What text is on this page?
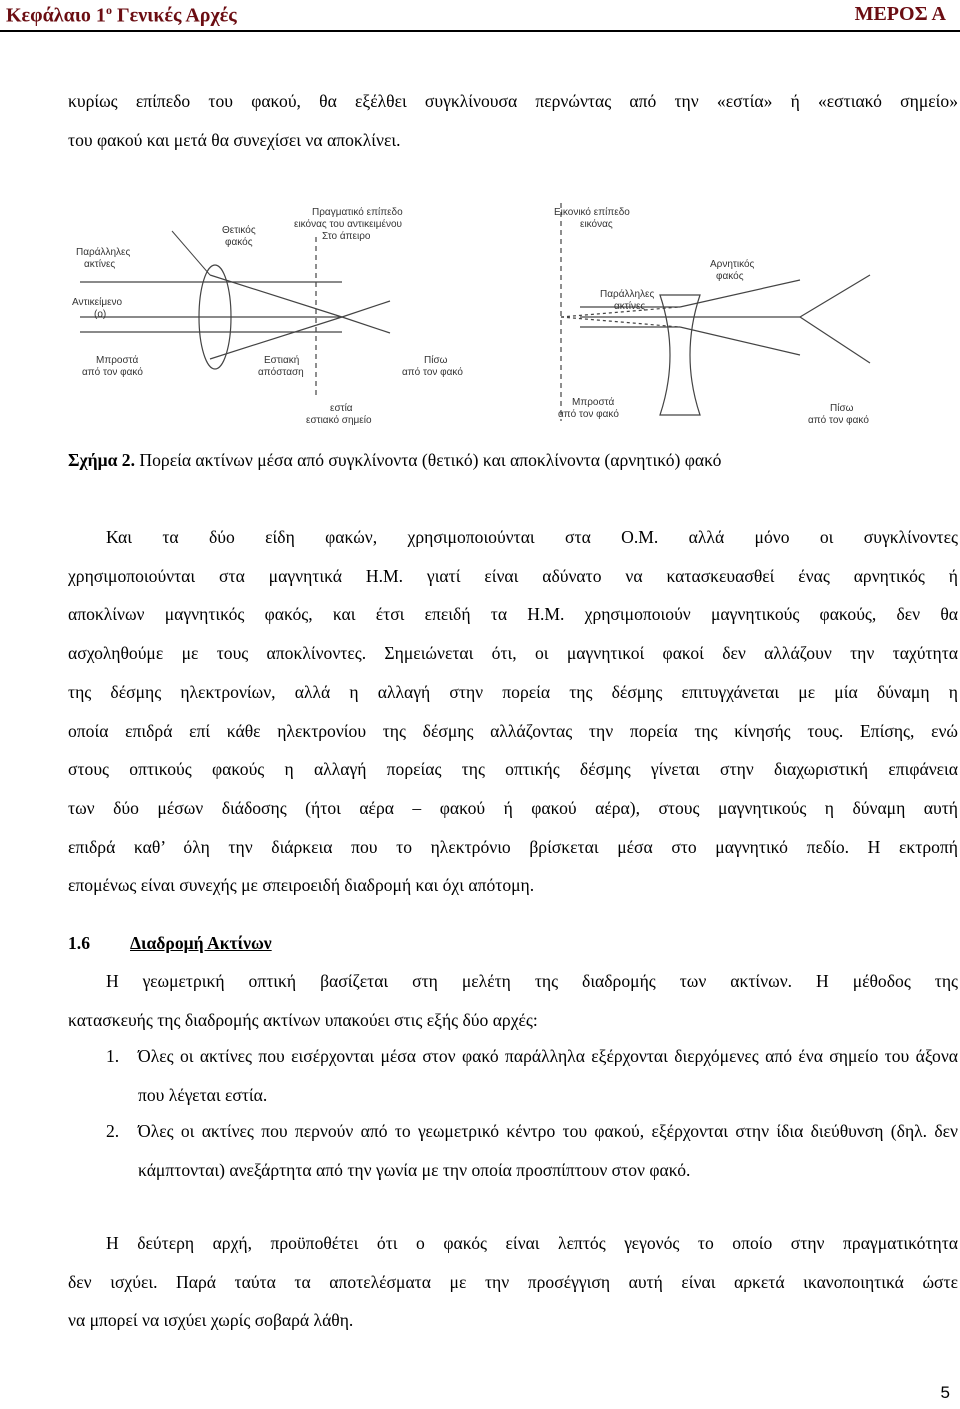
Κεφάλαιο $1^o$ Γενικές Αρχές	ΜΕΡΟΣ Α
κυρίως επίπεδο του φακού, θα εξέλθει συγκλίνουσα περνώντας από την «εστία» ή «εστιακό σημείο»
του φακού και μετά θα συνεχίσει να αποκλίνει.
Παράλληλες
ακτίνες
Θετικός
φακός
Πραγματικό επίπεδο
εικόνας του αντικειμένου
Στο άπειρο
Αντικείμενο
(ο)
Μπροστά
από τον φακό
Εστιακή
απόσταση
Πίσω
από τον φακό
εστία
εστιακό σημείο
Εικονικό επίπεδο
εικόνας
Αρνητικός
φακός
Παράλληλες
ακτίνες
Μπροστά
από τον φακό
Πίσω
από τον φακό
Σχήμα 2. Πορεία ακτίνων μέσα από συγκλίνοντα (θετικό) και αποκλίνοντα (αρνητικό) φακό
Και τα δύο είδη φακών, χρησιμοποιούνται στα Ο.Μ. αλλά μόνο οι συγκλίνοντες
χρησιμοποιούνται στα μαγνητικά Η.Μ. γιατί είναι αδύνατο να κατασκευασθεί ένας αρνητικός ή
αποκλίνων μαγνητικός φακός, και έτσι επειδή τα Η.Μ. χρησιμοποιούν μαγνητικούς φακούς, δεν θα
ασχοληθούμε με τους αποκλίνοντες. Σημειώνεται ότι, οι μαγνητικοί φακοί δεν αλλάζουν την ταχύτητα
της δέσμης ηλεκτρονίων, αλλά η αλλαγή στην πορεία της δέσμης επιτυγχάνεται με μία δύναμη η
οποία επιδρά επί κάθε ηλεκτρονίου της δέσμης αλλάζοντας την πορεία της κίνησής τους. Επίσης, ενώ
στους οπτικούς φακούς η αλλαγή πορείας της οπτικής δέσμης γίνεται στην διαχωριστική επιφάνεια
των δύο μέσων διάδοσης (ήτοι αέρα – φακού ή φακού αέρα), στους μαγνητικούς η δύναμη αυτή
επιδρά καθ’ όλη την διάρκεια που το ηλεκτρόνιο βρίσκεται μέσα στο μαγνητικό πεδίο. Η εκτροπή
επομένως είναι συνεχής με σπειροειδή διαδρομή και όχι απότομη.
1.6 Διαδρομή Ακτίνων
Η γεωμετρική οπτική βασίζεται στη μελέτη της διαδρομής των ακτίνων. Η μέθοδος της
κατασκευής της διαδρομής ακτίνων υπακούει στις εξής δύο αρχές:
1. Όλες οι ακτίνες που εισέρχονται μέσα στον φακό παράλληλα εξέρχονται διερχόμενες από ένα σημείο του άξονα που λέγεται εστία.
2. Όλες οι ακτίνες που περνούν από το γεωμετρικό κέντρο του φακού, εξέρχονται στην ίδια διεύθυνση (δηλ. δεν κάμπτονται) ανεξάρτητα από την γωνία με την οποία προσπίπτουν στον φακό.
Η δεύτερη αρχή, προϋποθέτει ότι ο φακός είναι λεπτός γεγονός το οποίο στην πραγματικότητα
δεν ισχύει. Παρά ταύτα τα αποτελέσματα με την προσέγγιση αυτή είναι αρκετά ικανοποιητικά ώστε
να μπορεί να ισχύει χωρίς σοβαρά λάθη.
5
